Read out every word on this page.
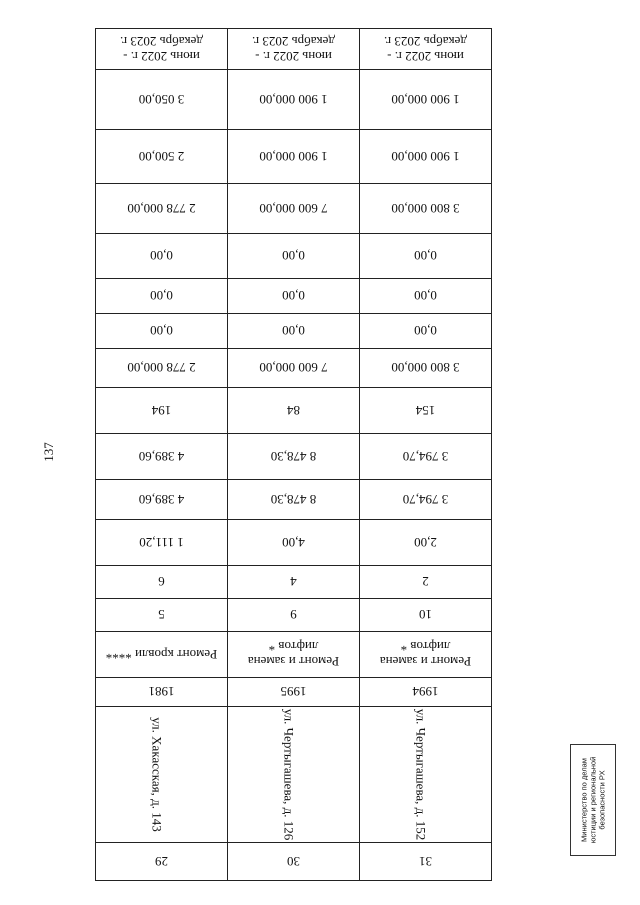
137
31	30	29
ул. Чертыгашева, д. 152	ул. Чертыгашева, д. 126	ул. Хакасская, д. 143
1994	1995	1981
Ремонт и замена лифтов *	Ремонт и замена лифтов *	Ремонт кровли ****
10	9	5
2	4	6
2,00	4,00	1 111,20
3 794,70	8 478,30	4 389,60
3 794,70	8 478,30	4 389,60
154	84	194
3 800 000,00	7 600 000,00	2 778 000,00
0,00	0,00	0,00
0,00	0,00	0,00
0,00	0,00	0,00
3 800 000,00	7 600 000,00	2 778 000,00
1 900 000,00	1 900 000,00	2 500,00
1 900 000,00	1 900 000,00	3 050,00
июнь 2022 г. - декабрь 2023 г.	июнь 2022 г. - декабрь 2023 г.	июнь 2022 г. - декабрь 2023 г.
Министерство по делам юстиции и региональной безопасности РХ
